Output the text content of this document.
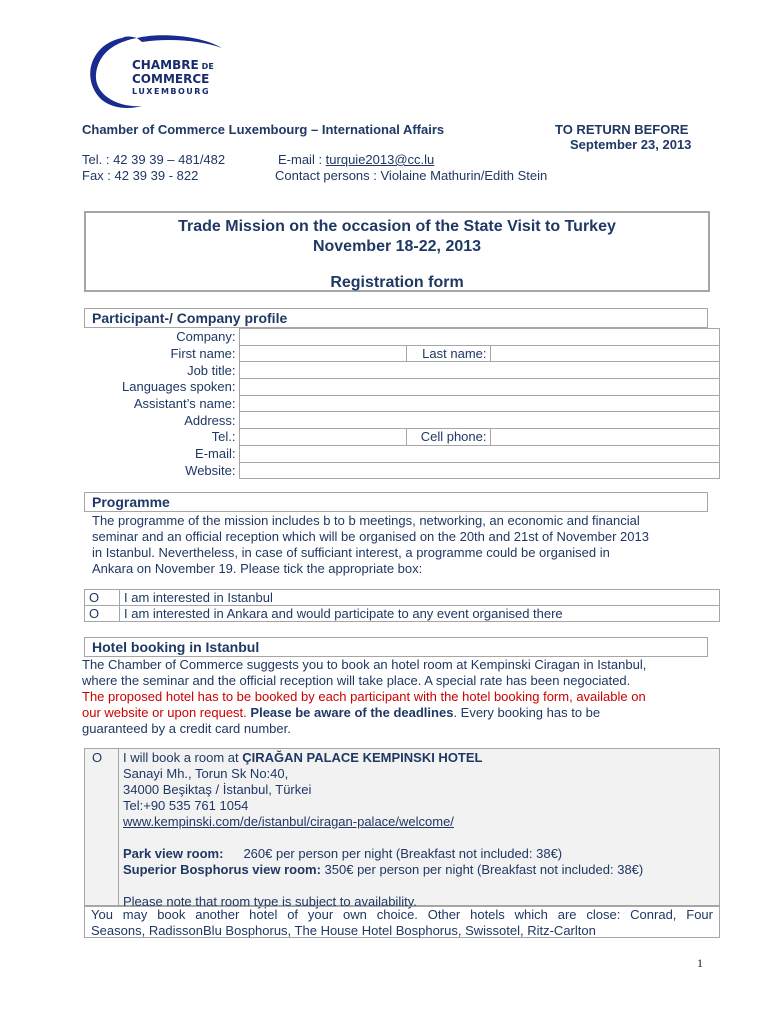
CHAMBRE DE
COMMERCE
LUXEMBOURG
Chamber of Commerce Luxembourg – International Affairs	TO RETURN BEFORE
September 23, 2013
Tel. : 42 39 39 – 481/482
Fax : 42 39 39 - 822
E-mail : turquie2013@cc.lu
Contact persons : Violaine Mathurin/Edith Stein
Trade Mission on the occasion of the State Visit to Turkey
November 18-22, 2013
Registration form
Participant-/ Company profile
Company:			
First name:		Last name:	
Job title:			
Languages spoken:			
Assistant’s name:			
Address:			
Tel.:		Cell phone:	
E-mail:			
Website:			
Programme
The programme of the mission includes b to b meetings, networking, an economic and financial
seminar and an official reception which will be organised on the 20th and 21st of November 2013
in Istanbul. Nevertheless, in case of sufficiant interest, a programme could be organised in
Ankara on November 19. Please tick the appropriate box:
O	I am interested in Istanbul
O	I am interested in Ankara and would participate to any event organised there
Hotel booking in Istanbul
The Chamber of Commerce suggests you to book an hotel room at Kempinski Ciragan in Istanbul,
where the seminar and the official reception will take place. A special rate has been negociated.
The proposed hotel has to be booked by each participant with the hotel booking form, available on
our website or upon request. Please be aware of the deadlines. Every booking has to be
guaranteed by a credit card number.
O	I will book a room at ÇIRAĞAN PALACE KEMPINSKI HOTEL
Sanayi Mh., Torun Sk No:40,
34000 Beşiktaş / İstanbul, Türkei
Tel:+90 535 761 1054
www.kempinski.com/de/istanbul/ciragan-palace/welcome/
Park view room: 260€ per person per night (Breakfast not included: 38€)
Superior Bosphorus view room: 350€ per person per night (Breakfast not included: 38€)
Please note that room type is subject to availability.
You may book another hotel of your own choice. Other hotels which are close: Conrad, Four
Seasons, RadissonBlu Bosphorus, The House Hotel Bosphorus, Swissotel, Ritz-Carlton
1
